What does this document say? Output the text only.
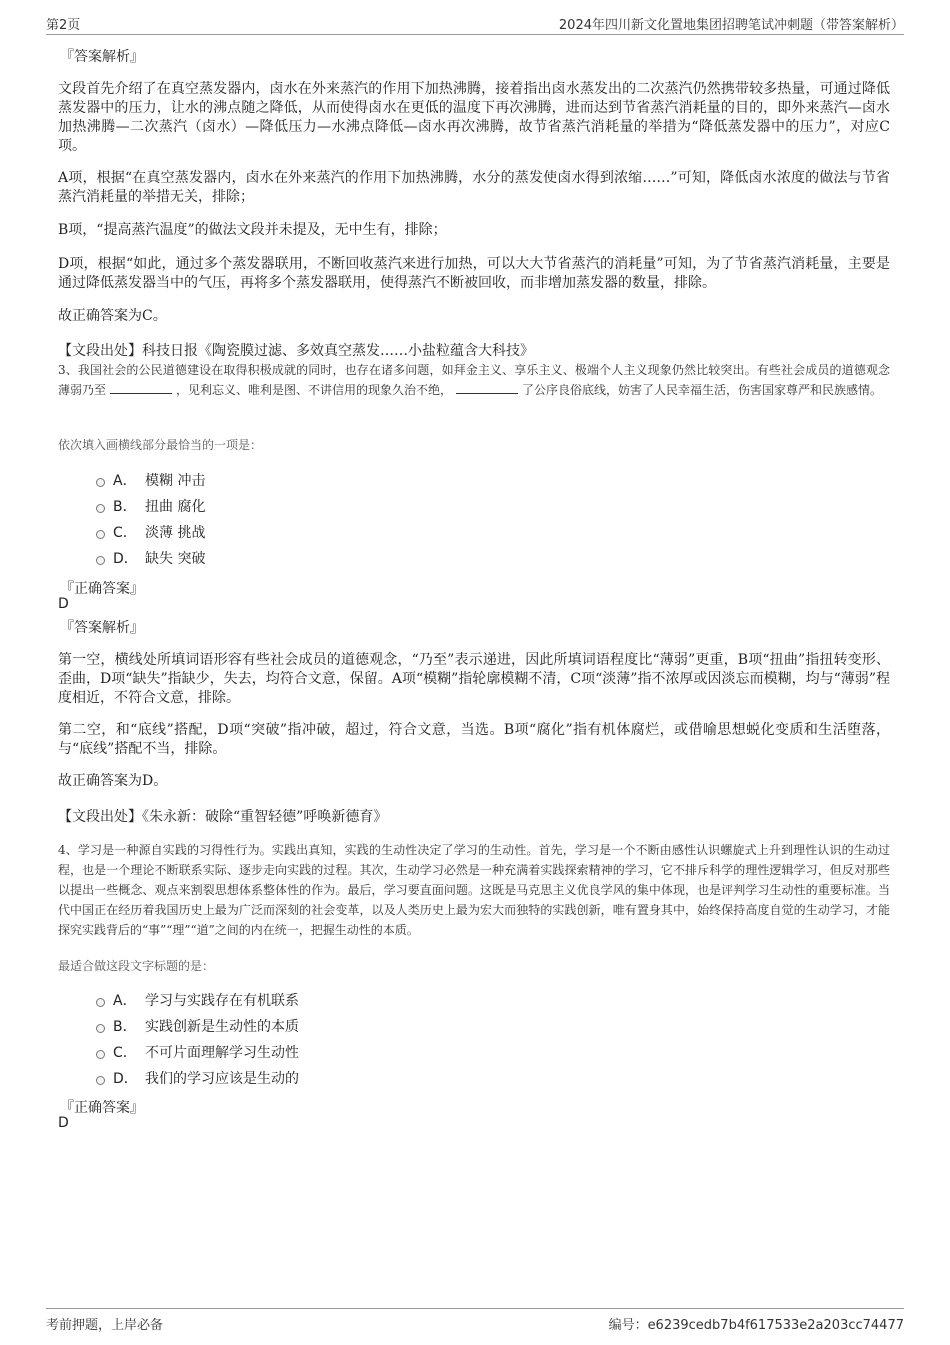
第2页	2024年四川新文化置地集团招聘笔试冲刺题（带答案解析）
『答案解析』
文段首先介绍了在真空蒸发器内，卤水在外来蒸汽的作用下加热沸腾，接着指出卤水蒸发出的二次蒸汽仍然携带较多热量，可通过降低蒸发器中的压力，让水的沸点随之降低，从而使得卤水在更低的温度下再次沸腾，进而达到节省蒸汽消耗量的目的，即外来蒸汽—卤水加热沸腾—二次蒸汽（卤水）—降低压力—水沸点降低—卤水再次沸腾，故节省蒸汽消耗量的举措为“降低蒸发器中的压力”，对应C项。
A项，根据“在真空蒸发器内，卤水在外来蒸汽的作用下加热沸腾，水分的蒸发使卤水得到浓缩……”可知，降低卤水浓度的做法与节省蒸汽消耗量的举措无关，排除；
B项，“提高蒸汽温度”的做法文段并未提及，无中生有，排除；
D项，根据“如此，通过多个蒸发器联用，不断回收蒸汽来进行加热，可以大大节省蒸汽的消耗量”可知，为了节省蒸汽消耗量，主要是通过降低蒸发器当中的气压，再将多个蒸发器联用，使得蒸汽不断被回收，而非增加蒸发器的数量，排除。
故正确答案为C。
【文段出处】科技日报《陶瓷膜过滤、多效真空蒸发……小盐粒蕴含大科技》
3、我国社会的公民道德建设在取得积极成就的同时，也存在诸多问题，如拜金主义、享乐主义、极端个人主义现象仍然比较突出。有些社会成员的道德观念薄弱乃至	，见利忘义、唯利是图、不讲信用的现象久治不绝，	了公序良俗底线，妨害了人民幸福生活，伤害国家尊严和民族感情。
依次填入画横线部分最恰当的一项是：
A． 模糊 冲击
B． 扭曲 腐化
C． 淡薄 挑战
D． 缺失 突破
『正确答案』
D
『答案解析』
第一空，横线处所填词语形容有些社会成员的道德观念，“乃至”表示递进，因此所填词语程度比“薄弱”更重，B项“扭曲”指扭转变形、歪曲，D项“缺失”指缺少，失去，均符合文意，保留。A项“模糊”指轮廓模糊不清，C项“淡薄”指不浓厚或因淡忘而模糊，均与“薄弱”程度相近，不符合文意，排除。
第二空，和“底线”搭配，D项“突破”指冲破，超过，符合文意，当选。B项“腐化”指有机体腐烂，或借喻思想蜕化变质和生活堕落，与“底线”搭配不当，排除。
故正确答案为D。
【文段出处】《朱永新：破除“重智轻德”呼唤新德育》
4、学习是一种源自实践的习得性行为。实践出真知，实践的生动性决定了学习的生动性。首先，学习是一个不断由感性认识螺旋式上升到理性认识的生动过程，也是一个理论不断联系实际、逐步走向实践的过程。其次，生动学习必然是一种充满着实践探索精神的学习，它不排斥科学的理性逻辑学习，但反对那些以提出一些概念、观点来割裂思想体系整体性的作为。最后，学习要直面问题。这既是马克思主义优良学风的集中体现，也是评判学习生动性的重要标准。当代中国正在经历着我国历史上最为广泛而深刻的社会变革，以及人类历史上最为宏大而独特的实践创新，唯有置身其中，始终保持高度自觉的生动学习，才能探究实践背后的“事”“理”“道”之间的内在统一，把握生动性的本质。
最适合做这段文字标题的是：
A． 学习与实践存在有机联系
B． 实践创新是生动性的本质
C． 不可片面理解学习生动性
D． 我们的学习应该是生动的
『正确答案』
D
考前押题，上岸必备	编号：e6239cedb7b4f617533e2a203cc74477
